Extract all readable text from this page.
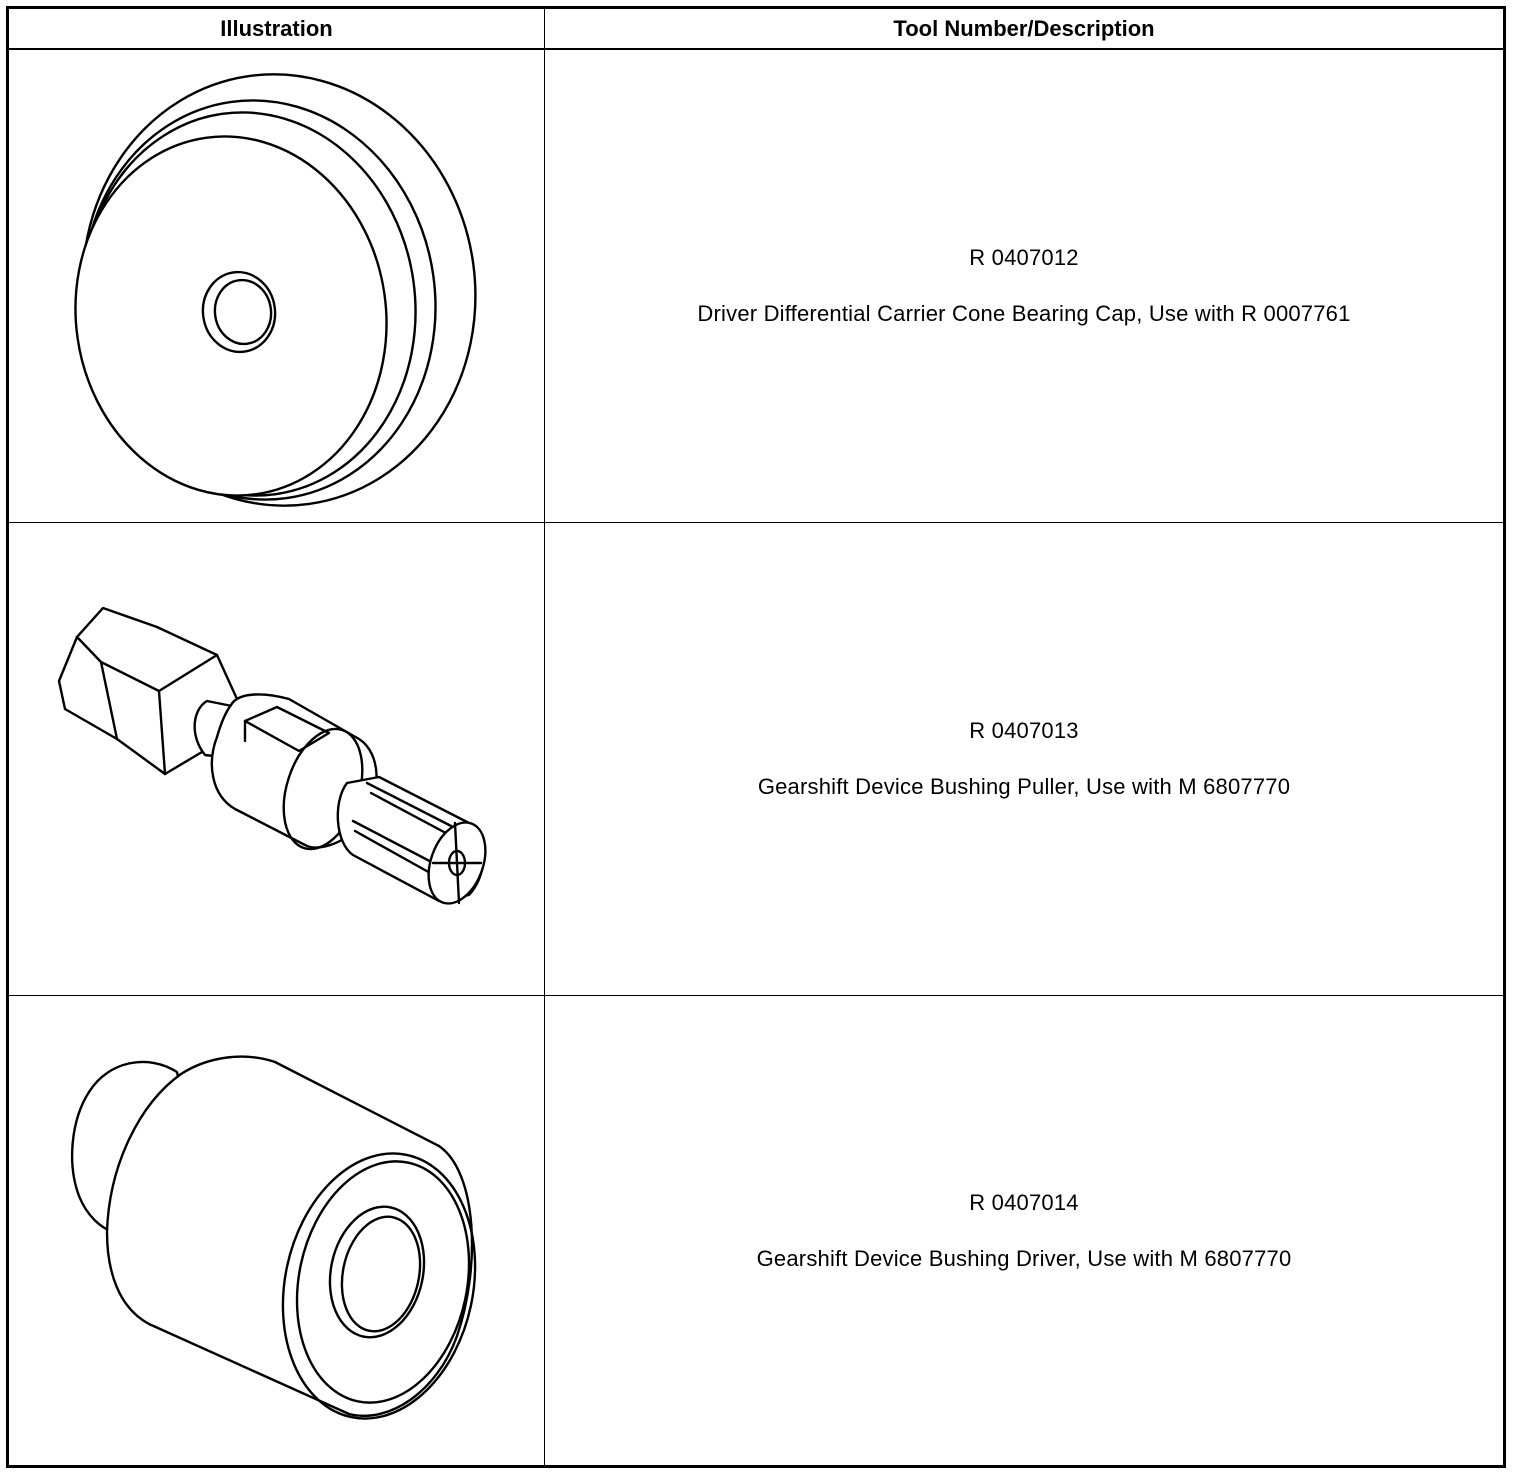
Illustration	Tool Number/Description

R 0407012

Driver Differential Carrier Cone Bearing Cap, Use with R 0007761

R 0407013

Gearshift Device Bushing Puller, Use with M 6807770

R 0407014

Gearshift Device Bushing Driver, Use with M 6807770
